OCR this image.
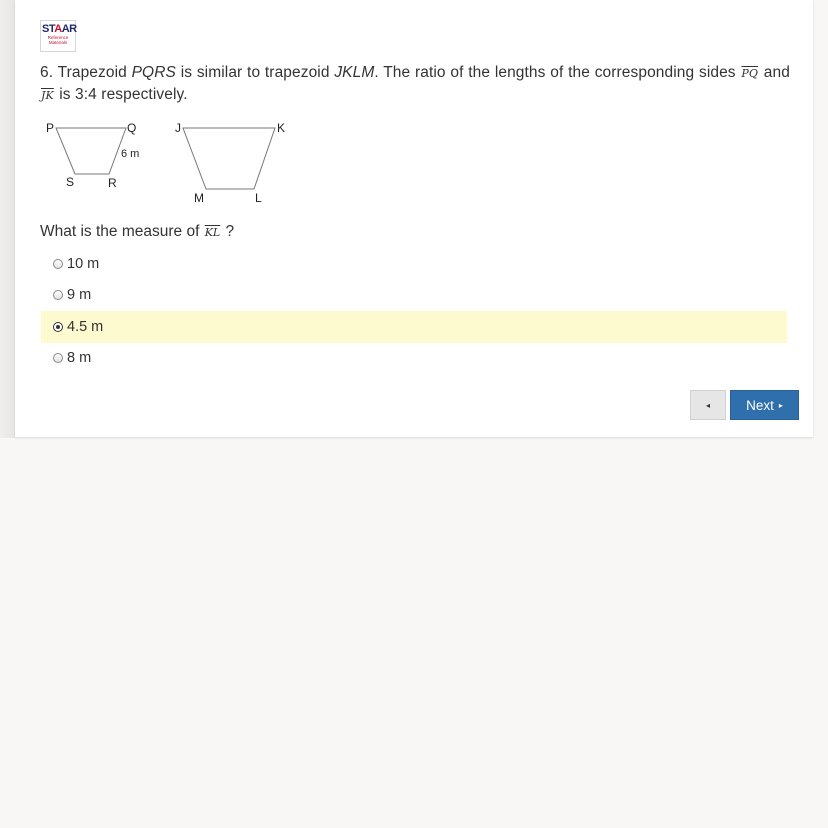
STAAR
Reference Materials
6. Trapezoid PQRS is similar to trapezoid JKLM. The ratio of the lengths of the corresponding sides $\overline{PQ}$ and $\overline{JK}$ is 3:4 respectively.
P	Q
R
S
6 m
J	K
L
M
What is the measure of $\overline{KL}$ ?
10 m
9 m
4.5 m
8 m
◂	Next ▸
